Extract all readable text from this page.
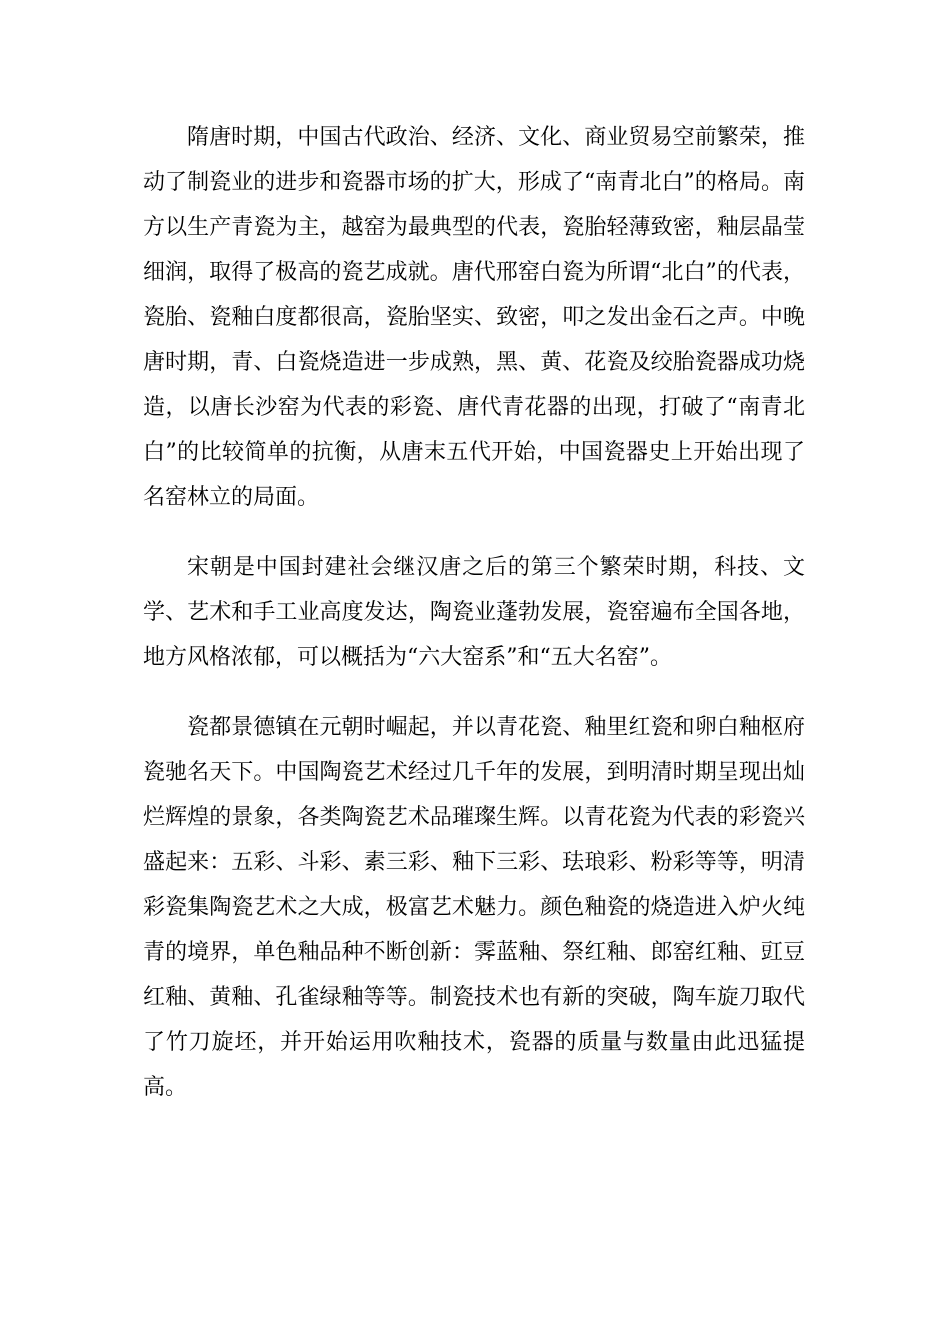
隋唐时期，中国古代政治、经济、文化、商业贸易空前繁荣，推动了制瓷业的进步和瓷器市场的扩大，形成了“南青北白”的格局。南方以生产青瓷为主，越窑为最典型的代表，瓷胎轻薄致密，釉层晶莹细润，取得了极高的瓷艺成就。唐代邢窑白瓷为所谓“北白”的代表，瓷胎、瓷釉白度都很高，瓷胎坚实、致密，叩之发出金石之声。中晚唐时期，青、白瓷烧造进一步成熟，黑、黄、花瓷及绞胎瓷器成功烧造，以唐长沙窑为代表的彩瓷、唐代青花器的出现，打破了“南青北白”的比较简单的抗衡，从唐末五代开始，中国瓷器史上开始出现了名窑林立的局面。

宋朝是中国封建社会继汉唐之后的第三个繁荣时期，科技、文学、艺术和手工业高度发达，陶瓷业蓬勃发展，瓷窑遍布全国各地，地方风格浓郁，可以概括为“六大窑系”和“五大名窑”。

瓷都景德镇在元朝时崛起，并以青花瓷、釉里红瓷和卵白釉枢府瓷驰名天下。中国陶瓷艺术经过几千年的发展，到明清时期呈现出灿烂辉煌的景象，各类陶瓷艺术品璀璨生辉。以青花瓷为代表的彩瓷兴盛起来：五彩、斗彩、素三彩、釉下三彩、珐琅彩、粉彩等等，明清彩瓷集陶瓷艺术之大成，极富艺术魅力。颜色釉瓷的烧造进入炉火纯青的境界，单色釉品种不断创新：霁蓝釉、祭红釉、郎窑红釉、豇豆红釉、黄釉、孔雀绿釉等等。制瓷技术也有新的突破，陶车旋刀取代了竹刀旋坯，并开始运用吹釉技术，瓷器的质量与数量由此迅猛提高。
